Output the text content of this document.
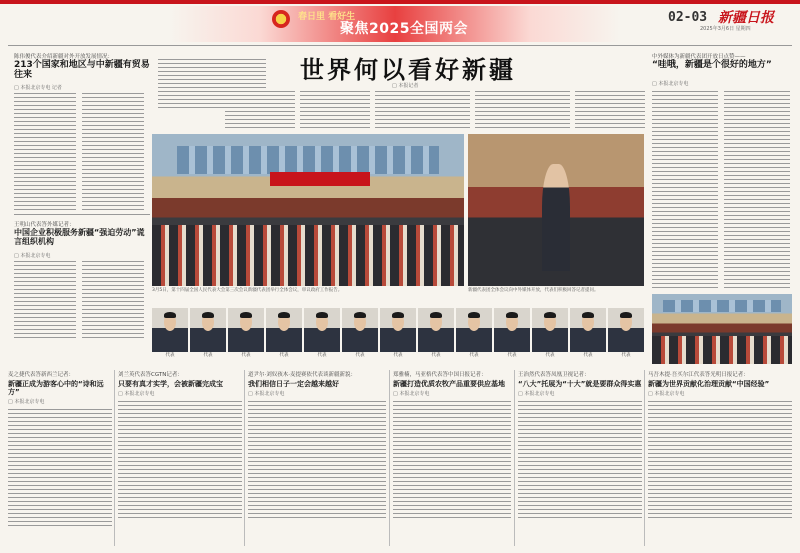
春日里 看好生
聚焦2025全国两会
02-03 新疆日报
2025年3月6日 星期四
陈伟俊代表介绍新疆对外开放发展情况：
213个国家和地区与中新疆有贸易往来
□ 本报北京专电 记者
王明山代表答外媒记者：
中国企业积极服务新疆“强迫劳动”谎言组织机构
□ 本报北京专电
世界何以看好新疆
□ 本报记者
3月5日，第十四届全国人民代表大会第三次会议新疆代表团举行全体会议，审议政府工作报告。	新疆代表团全体会议向中外媒体开放，代表们积极回答记者提问。
代表	代表	代表	代表	代表	代表	代表	代表	代表	代表	代表	代表	代表
中外媒体为新疆代表团开放日点赞——
“哇哦，新疆是个很好的地方”
□ 本报北京专电
麦之捷代表答新西兰记者：
新疆正成为游客心中的“诗和远方”
□ 本报北京专电
刘兰英代表答CGTN记者：
只要有真才实学，会被新疆完成宝
□ 本报北京专电
道尹尔·刘奴孩木·麦提赛依代表谈新疆新貌：
我们相信日子一定会越来越好
□ 本报北京专电
郑雅楠，马亚格代表答中国日报记者：
新疆打造优质农牧产品重要供应基地
□ 本报北京专电
王治然代表答凤凰卫视记者：
“八大”托展为“十大”就是要群众得实惠
□ 本报北京专电
马吾木提·吾买尔江代表答光明日报记者：
新疆为世界贡献化治理贡献“中国经验”
□ 本报北京专电
